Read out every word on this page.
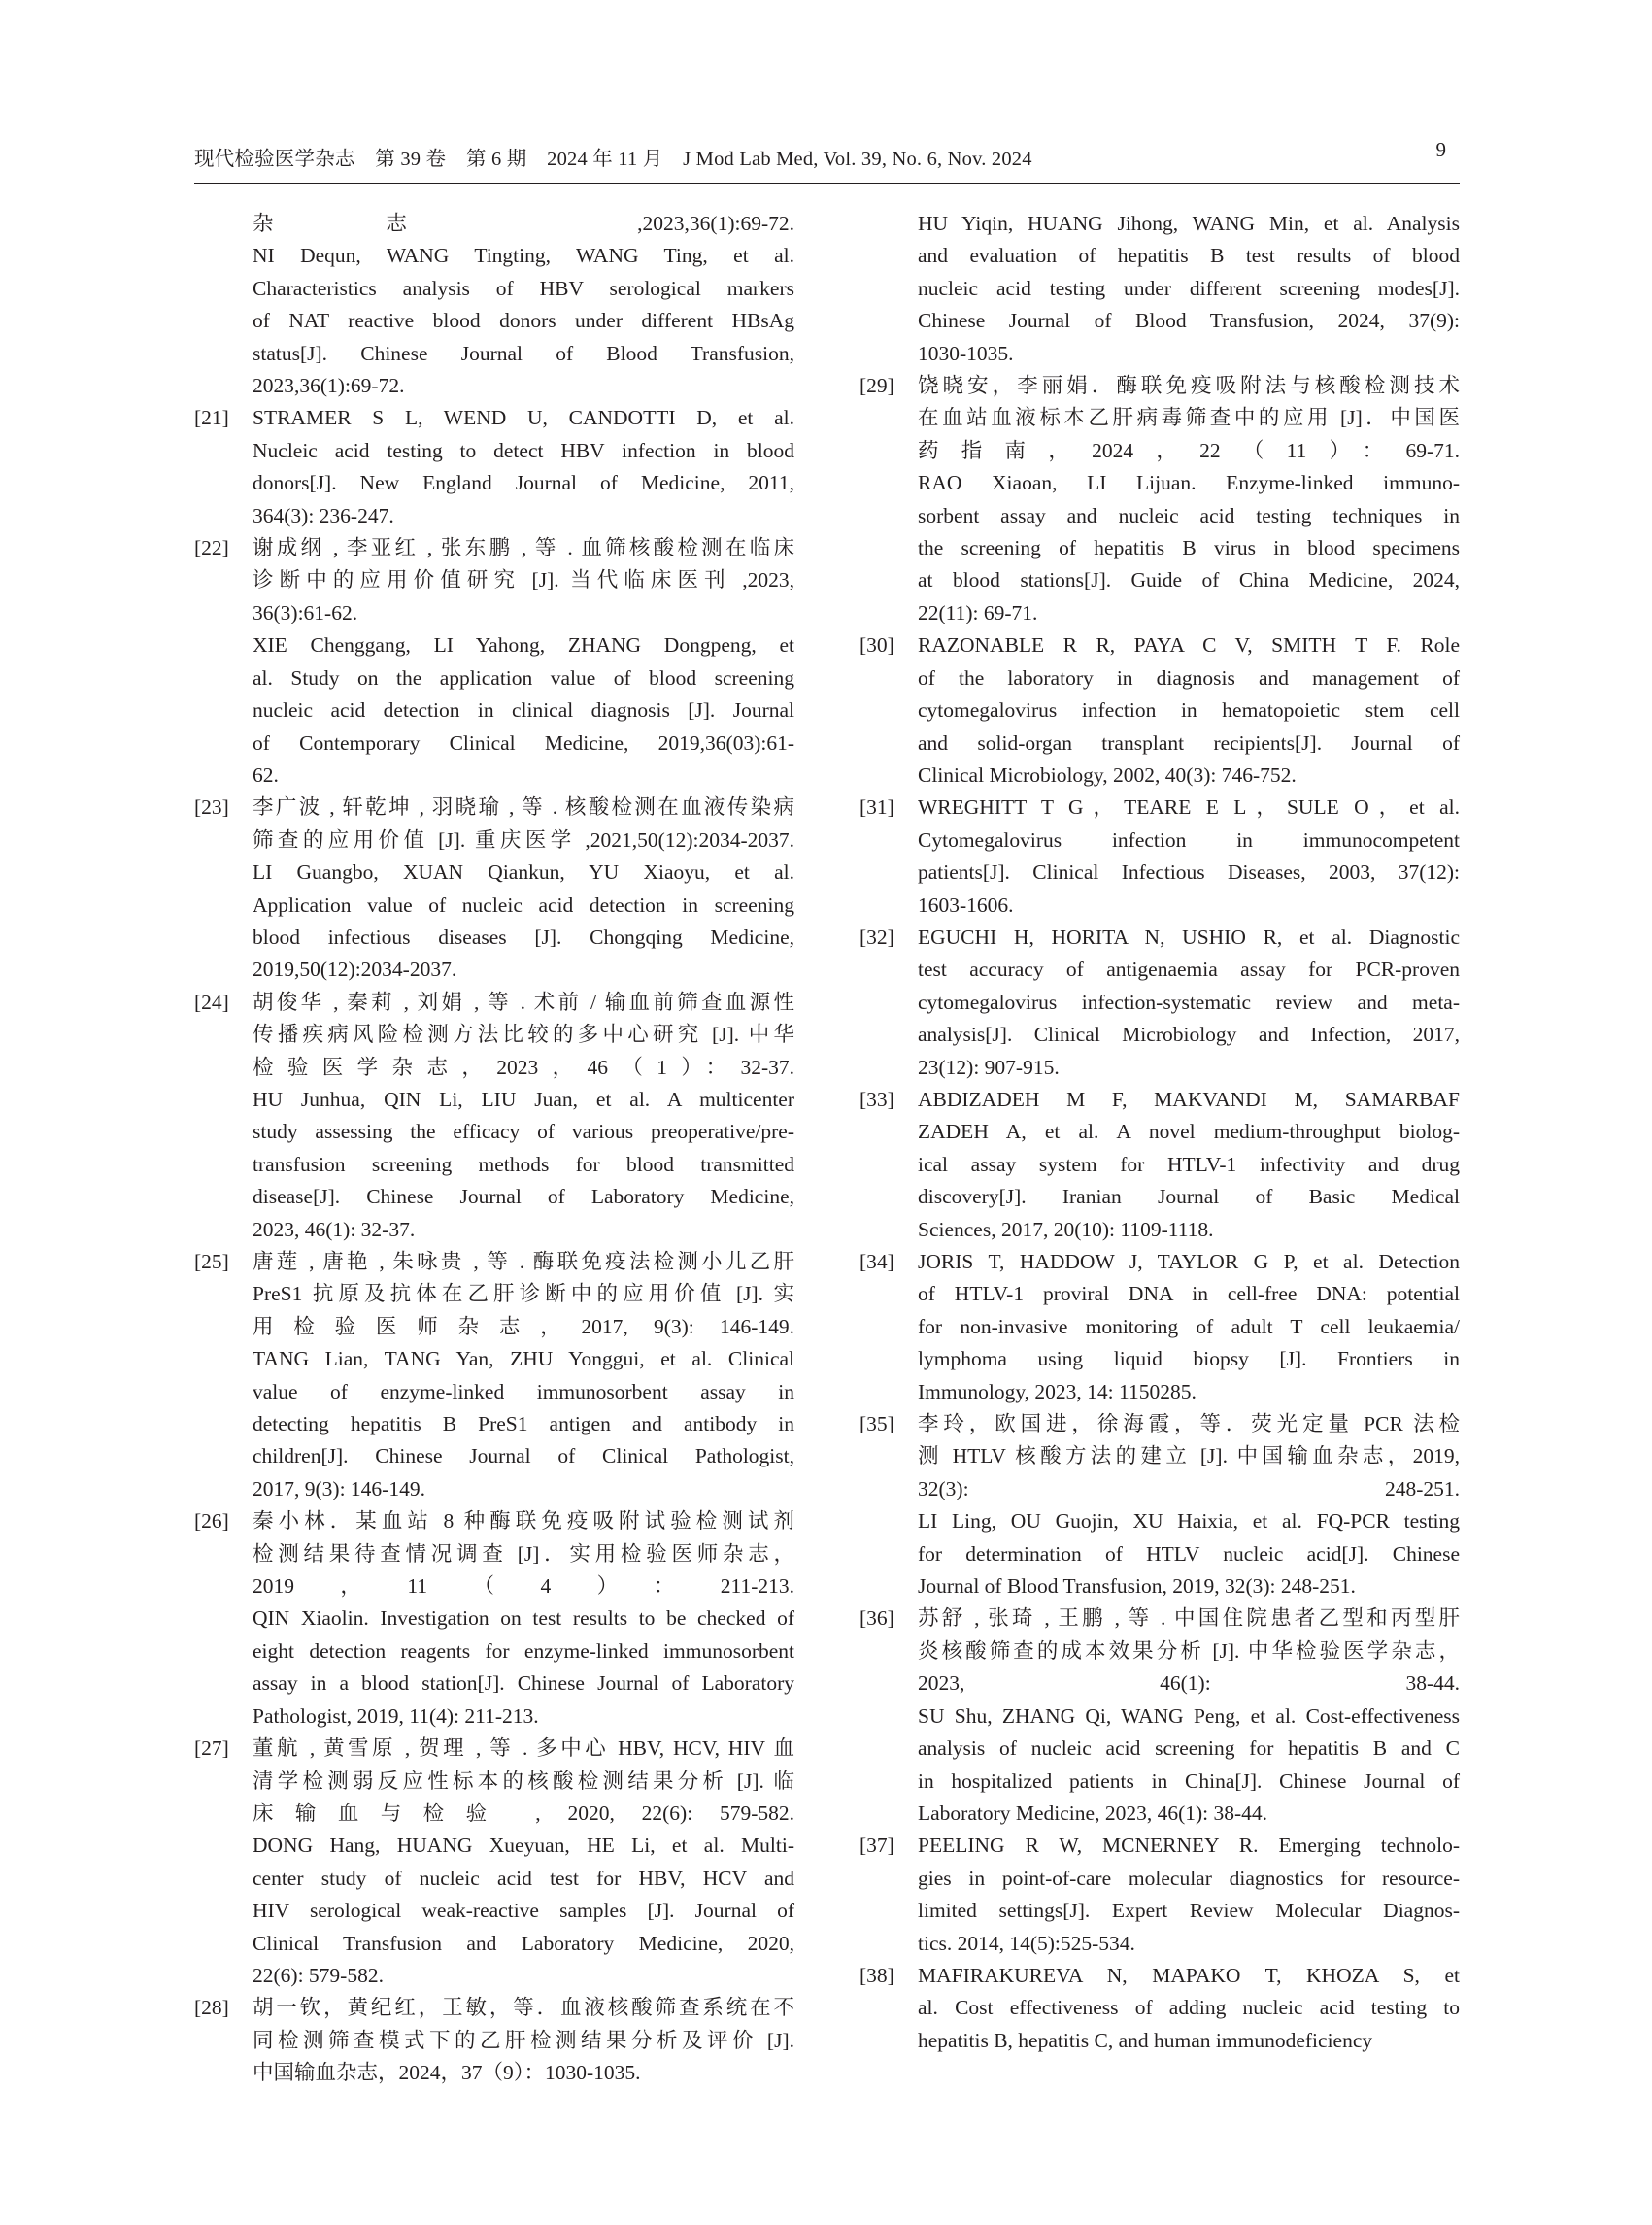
现代检验医学杂志　第 39 卷　第 6 期　2024 年 11 月　J Mod Lab Med, Vol. 39, No. 6, Nov. 2024	9
杂志 ,2023,36(1):69-72.
NI Dequn, WANG Tingting, WANG Ting, et al.
Characteristics analysis of HBV serological markers
of NAT reactive blood donors under different HBsAg
status[J]. Chinese Journal of Blood Transfusion,
2023,36(1):69-72.
[21] STRAMER S L, WEND U, CANDOTTI D, et al.
Nucleic acid testing to detect HBV infection in blood
donors[J]. New England Journal of Medicine, 2011,
364(3): 236-247.
[22] 谢成纲 , 李亚红 , 张东鹏 , 等 . 血筛核酸检测在临床
诊断中的应用价值研究 [J]. 当代临床医刊 ,2023,
36(3):61-62.
XIE Chenggang, LI Yahong, ZHANG Dongpeng, et
al. Study on the application value of blood screening
nucleic acid detection in clinical diagnosis [J]. Journal
of Contemporary Clinical Medicine, 2019,36(03):61-
62.
[23] 李广波 , 轩乾坤 , 羽晓瑜 , 等 . 核酸检测在血液传染病
筛查的应用价值 [J]. 重庆医学 ,2021,50(12):2034-2037.
LI Guangbo, XUAN Qiankun, YU Xiaoyu, et al.
Application value of nucleic acid detection in screening
blood infectious diseases [J]. Chongqing Medicine,
2019,50(12):2034-2037.
[24] 胡俊华 , 秦莉 , 刘娟 , 等 . 术前 / 输血前筛查血源性
传播疾病风险检测方法比较的多中心研究 [J]. 中华
检验医学杂志，2023，46（1）：32-37.
HU Junhua, QIN Li, LIU Juan, et al. A multicenter
study assessing the efficacy of various preoperative/pre-
transfusion screening methods for blood transmitted
disease[J]. Chinese Journal of Laboratory Medicine,
2023, 46(1): 32-37.
[25] 唐莲 , 唐艳 , 朱咏贵 , 等 . 酶联免疫法检测小儿乙肝
PreS1 抗原及抗体在乙肝诊断中的应用价值 [J]. 实
用检验医师杂志，2017, 9(3): 146-149.
TANG Lian, TANG Yan, ZHU Yonggui, et al. Clinical
value of enzyme-linked immunosorbent assay in
detecting hepatitis B PreS1 antigen and antibody in
children[J]. Chinese Journal of Clinical Pathologist,
2017, 9(3): 146-149.
[26] 秦小林．某血站 8 种酶联免疫吸附试验检测试剂
检测结果待查情况调查 [J]．实用检验医师杂志，
2019，11（4）：211-213.
QIN Xiaolin. Investigation on test results to be checked of
eight detection reagents for enzyme-linked immunosorbent
assay in a blood station[J]. Chinese Journal of Laboratory
Pathologist, 2019, 11(4): 211-213.
[27] 董航 , 黄雪原 , 贺理 , 等 . 多中心 HBV, HCV, HIV 血
清学检测弱反应性标本的核酸检测结果分析 [J]. 临
床输血与检验 , 2020, 22(6): 579-582.
DONG Hang, HUANG Xueyuan, HE Li, et al. Multi-
center study of nucleic acid test for HBV, HCV and
HIV serological weak-reactive samples [J]. Journal of
Clinical Transfusion and Laboratory Medicine, 2020,
22(6): 579-582.
[28] 胡一钦，黄纪红，王敏，等．血液核酸筛查系统在不
同检测筛查模式下的乙肝检测结果分析及评价 [J].
中国输血杂志，2024，37（9）：1030-1035.
HU Yiqin, HUANG Jihong, WANG Min, et al. Analysis
and evaluation of hepatitis B test results of blood
nucleic acid testing under different screening modes[J].
Chinese Journal of Blood Transfusion, 2024, 37(9):
1030-1035.
[29] 饶晓安，李丽娟．酶联免疫吸附法与核酸检测技术
在血站血液标本乙肝病毒筛查中的应用 [J]．中国医
药指南，2024，22（11）：69-71.
RAO Xiaoan, LI Lijuan. Enzyme-linked immuno-
sorbent assay and nucleic acid testing techniques in
the screening of hepatitis B virus in blood specimens
at blood stations[J]. Guide of China Medicine, 2024,
22(11): 69-71.
[30] RAZONABLE R R, PAYA C V, SMITH T F. Role
of the laboratory in diagnosis and management of
cytomegalovirus infection in hematopoietic stem cell
and solid-organ transplant recipients[J]. Journal of
Clinical Microbiology, 2002, 40(3): 746-752.
[31] WREGHITT T G，TEARE E L，SULE O，et al.
Cytomegalovirus infection in immunocompetent
patients[J]. Clinical Infectious Diseases, 2003, 37(12):
1603-1606.
[32] EGUCHI H, HORITA N, USHIO R, et al. Diagnostic
test accuracy of antigenaemia assay for PCR-proven
cytomegalovirus infection-systematic review and meta-
analysis[J]. Clinical Microbiology and Infection, 2017,
23(12): 907-915.
[33] ABDIZADEH M F, MAKVANDI M, SAMARBAF
ZADEH A, et al. A novel medium-throughput biolog-
ical assay system for HTLV-1 infectivity and drug
discovery[J]. Iranian Journal of Basic Medical
Sciences, 2017, 20(10): 1109-1118.
[34] JORIS T, HADDOW J, TAYLOR G P, et al. Detection
of HTLV-1 proviral DNA in cell-free DNA: potential
for non-invasive monitoring of adult T cell leukaemia/
lymphoma using liquid biopsy [J]. Frontiers in
Immunology, 2023, 14: 1150285.
[35] 李玲，欧国进，徐海霞，等．荧光定量 PCR 法检
测 HTLV 核酸方法的建立 [J]. 中国输血杂志，2019,
32(3): 248-251.
LI Ling, OU Guojin, XU Haixia, et al. FQ-PCR testing
for determination of HTLV nucleic acid[J]. Chinese
Journal of Blood Transfusion, 2019, 32(3): 248-251.
[36] 苏舒 , 张琦 , 王鹏 , 等 . 中国住院患者乙型和丙型肝
炎核酸筛查的成本效果分析 [J]. 中华检验医学杂志，
2023, 46(1): 38-44.
SU Shu, ZHANG Qi, WANG Peng, et al. Cost-effectiveness
analysis of nucleic acid screening for hepatitis B and C
in hospitalized patients in China[J]. Chinese Journal of
Laboratory Medicine, 2023, 46(1): 38-44.
[37] PEELING R W, MCNERNEY R. Emerging technolo-
gies in point-of-care molecular diagnostics for resource-
limited settings[J]. Expert Review Molecular Diagnos-
tics. 2014, 14(5):525-534.
[38] MAFIRAKUREVA N, MAPAKO T, KHOZA S, et
al. Cost effectiveness of adding nucleic acid testing to
hepatitis B, hepatitis C, and human immunodeficiency
